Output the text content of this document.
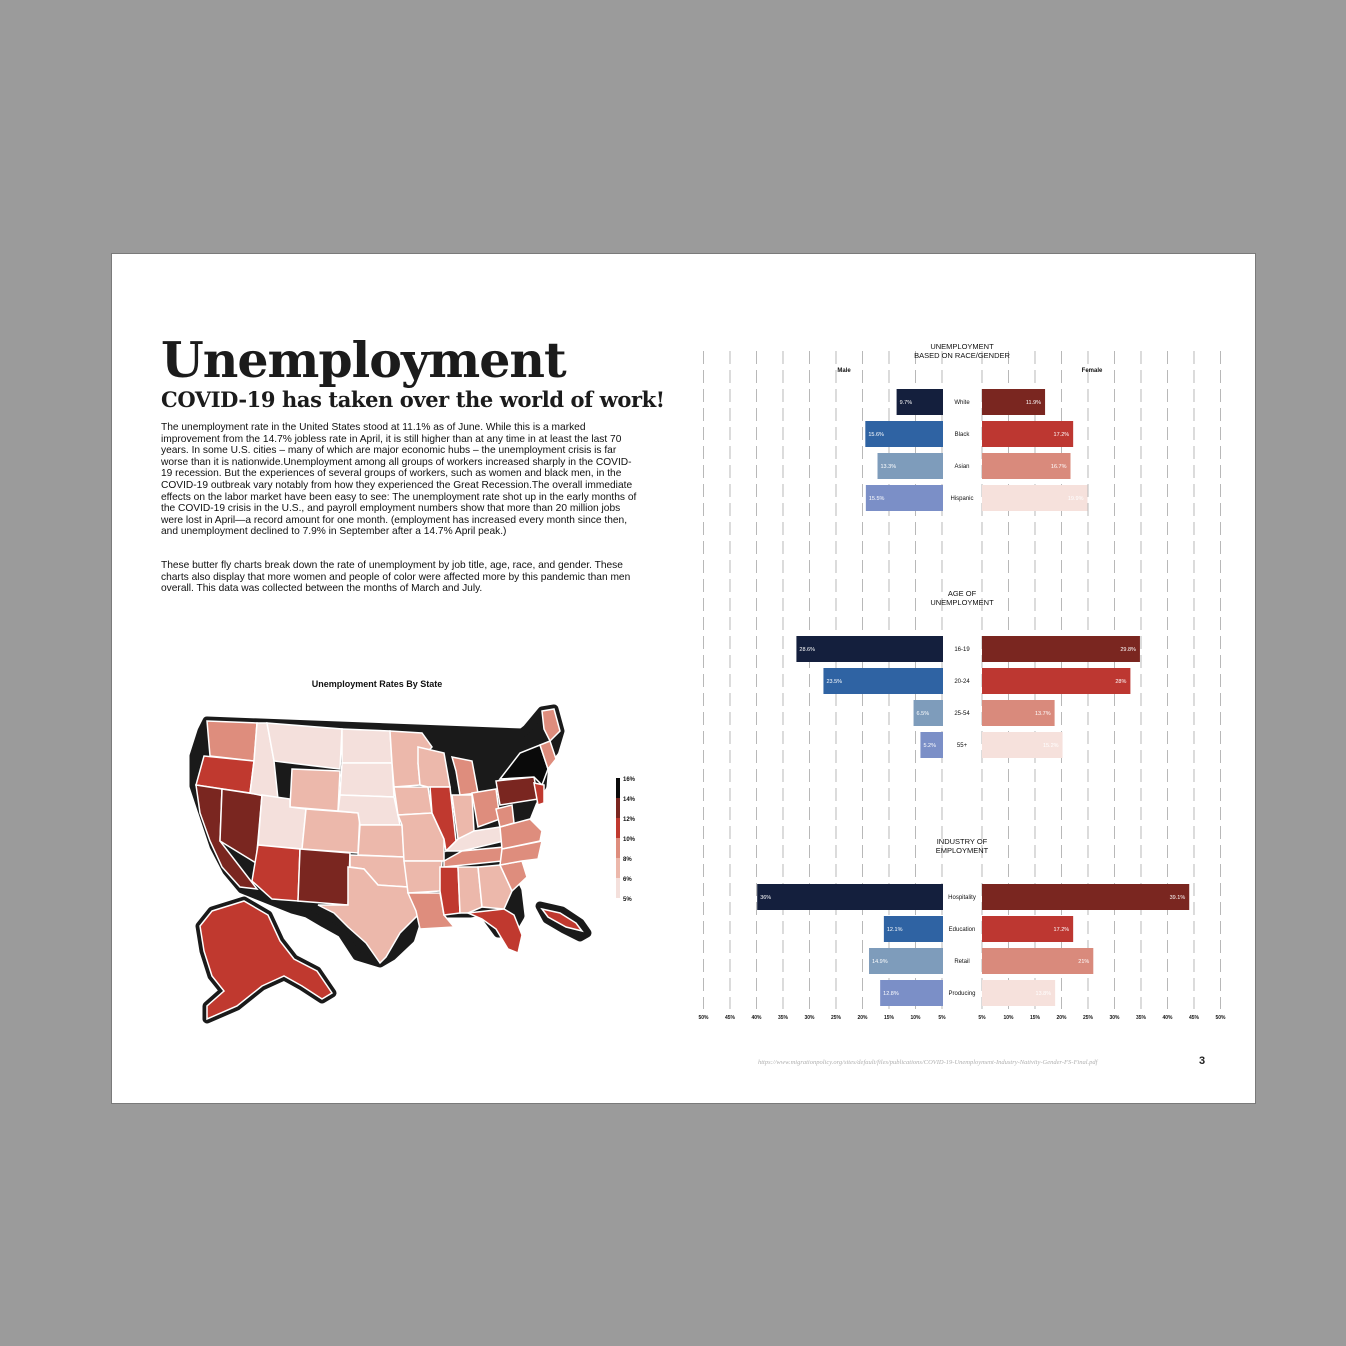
Unemployment
COVID-19 has taken over the world of work!

The unemployment rate in the United States stood at 11.1% as of June. While this is a marked improvement from the 14.7% jobless rate in April, it is still higher than at any time in at least the last 70 years. In some U.S. cities – many of which are major economic hubs – the unemployment crisis is far worse than it is nationwide.Unemployment among all groups of workers increased sharply in the COVID-19 recession. But the experiences of several groups of workers, such as women and black men, in the COVID-19 outbreak vary notably from how they experienced the Great Recession.The overall immediate effects on the labor market have been easy to see: The unemployment rate shot up in the early months of the COVID-19 crisis in the U.S., and payroll employment numbers show that more than 20 million jobs were lost in April—a record amount for one month. (employment has increased every month since then, and unemployment declined to 7.9% in September after a 14.7% April peak.)

These butter fly charts break down the rate of unemployment by job title, age, race, and gender. These charts also display that more women and people of color were affected more by this pandemic than men overall. This data was collected between the months of March and July.

Unemployment Rates By State
16%
14%
12%
10%
8%
6%
5%
UNEMPLOYMENT
BASED ON RACE/GENDER
Male	Female
9.7%	11.9%
White
15.6%	17.2%
Black
13.3%	16.7%
Asian
15.5%	19.9%
Hispanic
AGE OF
UNEMPLOYMENT
28.6%	29.8%
16-19
23.5%	28%
20-24
6.5%	13.7%
25-54
5.2%	15.2%
55+
INDUSTRY OF
EMPLOYMENT
36%	39.1%
Hospitality
12.1%	17.2%
Education
14.9%	21%
Retail
12.8%	13.8%
Producing
50%	45%	40%	35%	30%	25%	20%	15%	10%	5%	5%	10%	15%	20%	25%	30%	35%	40%	45%	50%
https://www.migrationpolicy.org/sites/default/files/publications/COVID-19-Unemployment-Industry-Nativity-Gender-FS-Final.pdf	3
